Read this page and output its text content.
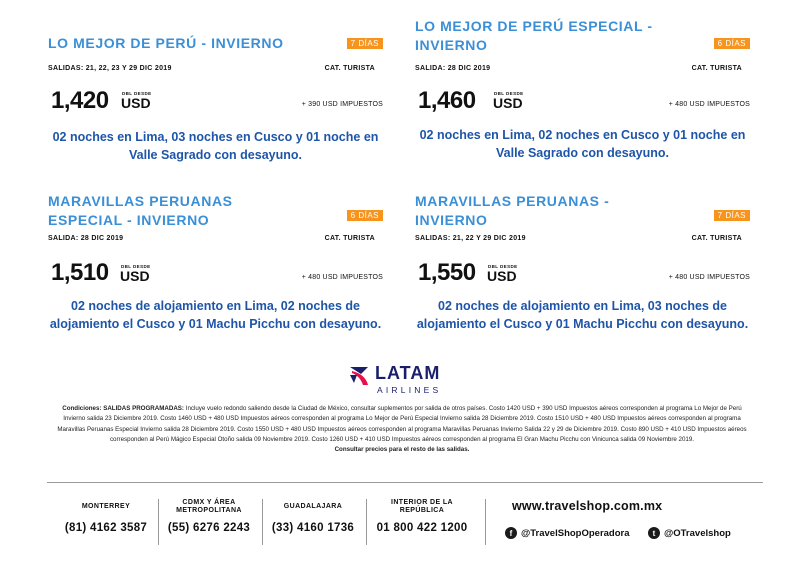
LO MEJOR DE PERÚ - INVIERNO	7 DÍAS
SALIDAS: 21, 22, 23 Y 29 DIC 2019	CAT. TURISTA
1,420	DBL DESDE
USD	+ 390 USD IMPUESTOS
02 noches en Lima, 03 noches en Cusco y 01 noche en Valle Sagrado con desayuno.
LO MEJOR DE PERÚ ESPECIAL - INVIERNO	6 DÍAS
SALIDA: 28 DIC 2019	CAT. TURISTA
1,460	DBL DESDE
USD	+ 480 USD IMPUESTOS
02 noches en Lima, 02 noches en Cusco y 01 noche en Valle Sagrado con desayuno.
MARAVILLAS PERUANAS ESPECIAL - INVIERNO	6 DÍAS
SALIDA: 28 DIC 2019	CAT. TURISTA
1,510	DBL DESDE
USD	+ 480 USD IMPUESTOS
02 noches de alojamiento en Lima, 02 noches de alojamiento el Cusco y 01 Machu Picchu con desayuno.
MARAVILLAS PERUANAS - INVIERNO	7 DÍAS
SALIDAS: 21, 22 Y 29 DIC 2019	CAT. TURISTA
1,550	DBL DESDE
USD	+ 480 USD IMPUESTOS
02 noches de alojamiento en Lima, 03 noches de alojamiento el Cusco y 01 Machu Picchu con desayuno.
LATAM
AIRLINES
Condiciones: SALIDAS PROGRAMADAS: Incluye vuelo redondo saliendo desde la Ciudad de México, consultar suplementos por salida de otros países. Costo 1420 USD + 390 USD Impuestos aéreos corresponden al programa Lo Mejor de Perú Invierno salida 23 Diciembre 2019. Costo 1460 USD + 480 USD Impuestos aéreos corresponden al programa Lo Mejor de Perú Especial Invierno salida 28 Diciembre 2019. Costo 1510 USD + 480 USD Impuestos aéreos corresponden al programa Maravillas Peruanas Especial Invierno salida 28 Diciembre 2019. Costo 1550 USD + 480 USD Impuestos aéreos corresponden al programa Maravillas Peruanas Invierno Salida 22 y 29 de Diciembre 2019. Costo 890 USD + 410 USD Impuestos aéreos corresponden al Perú Mágico Especial Otoño salida 09 Noviembre 2019. Costo 1260 USD + 410 USD Impuestos aéreos corresponden al programa El Gran Machu Picchu con Vinicunca salida 09 Noviembre 2019.
Consultar precios para el resto de las salidas.
MONTERREY
(81) 4162 3587
CDMX Y ÁREA METROPOLITANA
(55) 6276 2243
GUADALAJARA
(33) 4160 1736
INTERIOR DE LA REPÚBLICA
01 800 422 1200
www.travelshop.com.mx
f @TravelShopOperadora	t @OTravelshop
